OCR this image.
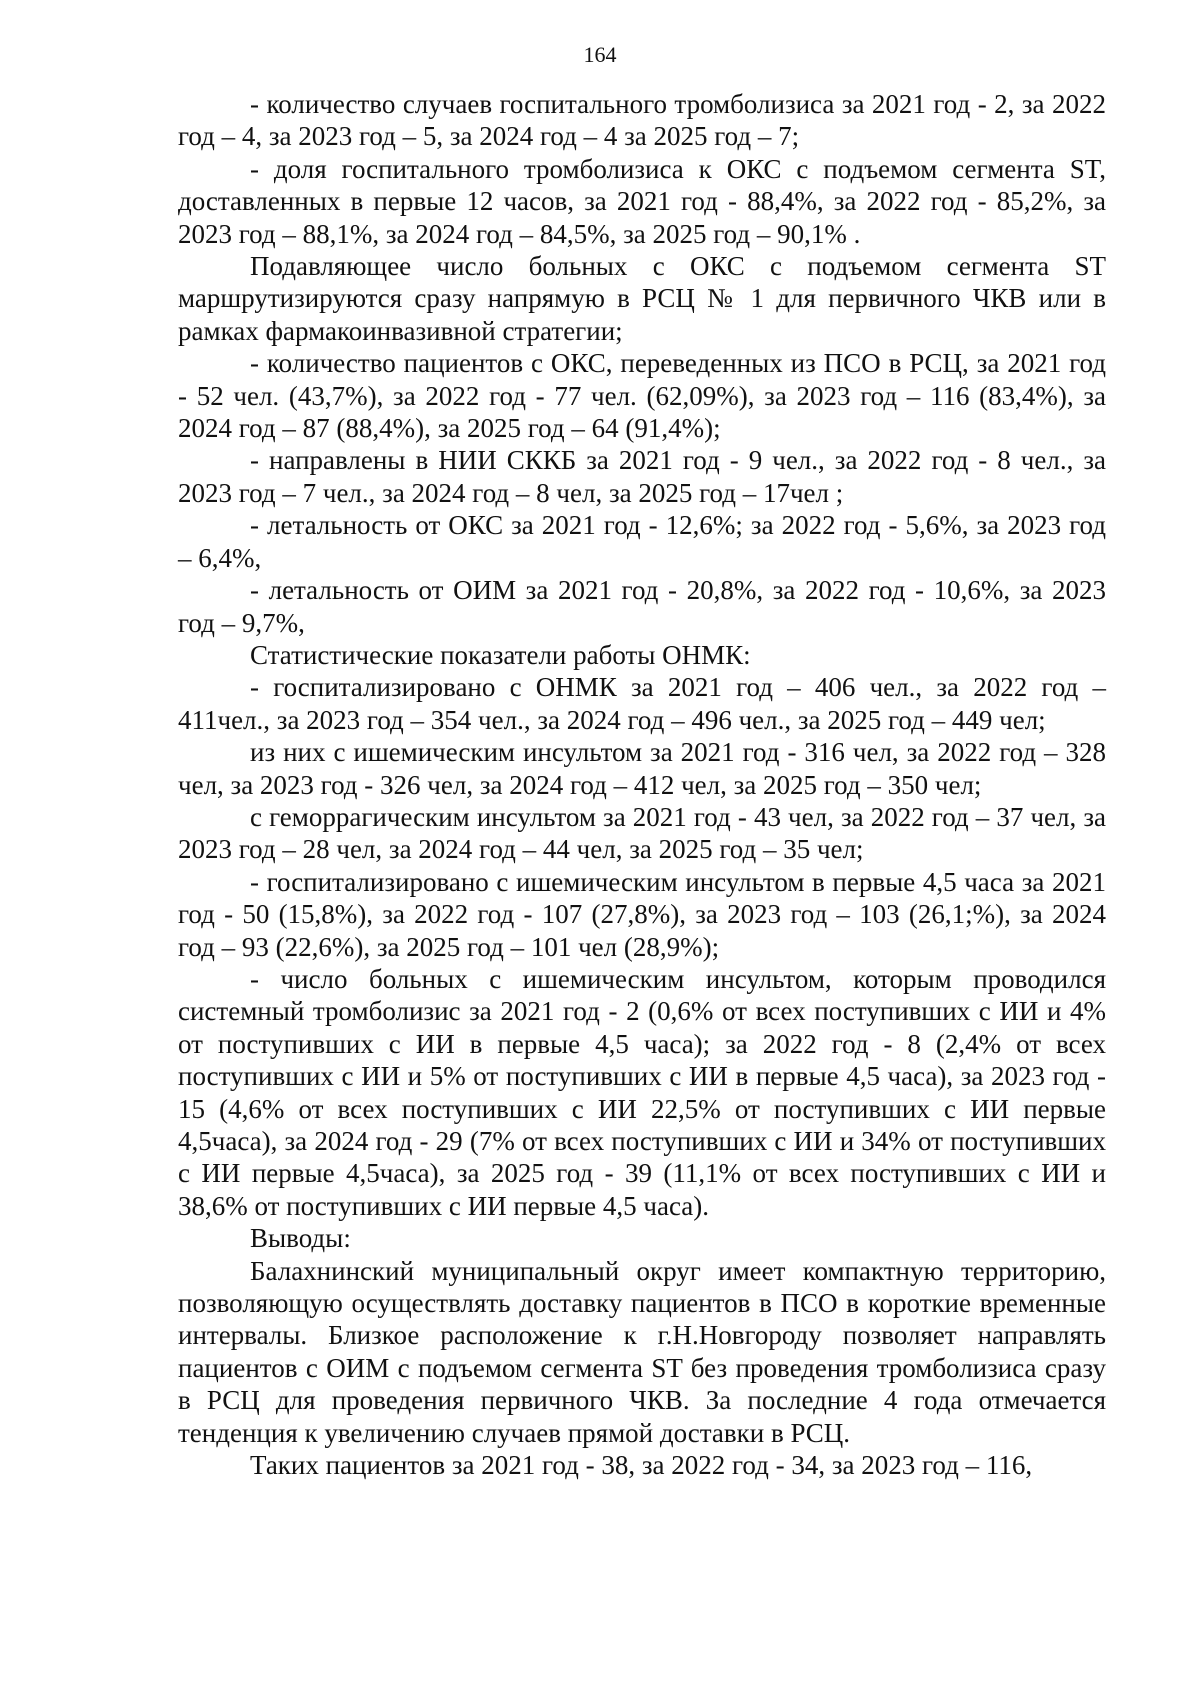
164

- количество случаев госпитального тромболизиса за 2021 год - 2, за 2022 год – 4, за 2023 год – 5, за 2024 год – 4 за 2025 год – 7;

- доля госпитального тромболизиса к ОКС с подъемом сегмента ST, доставленных в первые 12 часов, за 2021 год - 88,4%, за 2022 год - 85,2%, за 2023 год – 88,1%, за 2024 год – 84,5%, за 2025 год – 90,1% .

Подавляющее число больных с ОКС с подъемом сегмента ST маршрутизируются сразу напрямую в РСЦ № 1 для первичного ЧКВ или в рамках фармакоинвазивной стратегии;

- количество пациентов с ОКС, переведенных из ПСО в РСЦ, за 2021 год - 52 чел. (43,7%), за 2022 год - 77 чел. (62,09%), за 2023 год – 116 (83,4%), за 2024 год – 87 (88,4%), за 2025 год – 64 (91,4%);

- направлены в НИИ СККБ за 2021 год - 9 чел., за 2022 год - 8 чел., за 2023 год – 7 чел., за 2024 год – 8 чел, за 2025 год – 17чел ;

- летальность от ОКС за 2021 год - 12,6%; за 2022 год - 5,6%, за 2023 год – 6,4%,

- летальность от ОИМ за 2021 год - 20,8%, за 2022 год - 10,6%, за 2023 год – 9,7%,

Статистические показатели работы ОНМК:

- госпитализировано с ОНМК за 2021 год – 406 чел., за 2022 год – 411чел., за 2023 год – 354 чел., за 2024 год – 496 чел., за 2025 год – 449 чел;

из них с ишемическим инсультом за 2021 год - 316 чел, за 2022 год – 328 чел, за 2023 год - 326 чел, за 2024 год – 412 чел, за 2025 год – 350 чел;

с геморрагическим инсультом за 2021 год - 43 чел, за 2022 год – 37 чел, за 2023 год – 28 чел, за 2024 год – 44 чел, за 2025 год – 35 чел;

- госпитализировано с ишемическим инсультом в первые 4,5 часа за 2021 год - 50 (15,8%), за 2022 год - 107 (27,8%), за 2023 год – 103 (26,1;%), за 2024 год – 93 (22,6%), за 2025 год – 101 чел (28,9%);

- число больных с ишемическим инсультом, которым проводился системный тромболизис за 2021 год - 2 (0,6% от всех поступивших с ИИ и 4% от поступивших с ИИ в первые 4,5 часа); за 2022 год - 8 (2,4% от всех поступивших с ИИ и 5% от поступивших с ИИ в первые 4,5 часа), за 2023 год - 15 (4,6% от всех поступивших с ИИ 22,5% от поступивших с ИИ первые 4,5часа), за 2024 год - 29 (7% от всех поступивших с ИИ и 34% от поступивших с ИИ первые 4,5часа), за 2025 год - 39 (11,1% от всех поступивших с ИИ и 38,6% от поступивших с ИИ первые 4,5 часа).

Выводы:

Балахнинский муниципальный округ имеет компактную территорию, позволяющую осуществлять доставку пациентов в ПСО в короткие временные интервалы. Близкое расположение к г.Н.Новгороду позволяет направлять пациентов с ОИМ с подъемом сегмента ST без проведения тромболизиса сразу в РСЦ для проведения первичного ЧКВ. За последние 4 года отмечается тенденция к увеличению случаев прямой доставки в РСЦ.

Таких пациентов за 2021 год - 38, за 2022 год - 34, за 2023 год – 116,
